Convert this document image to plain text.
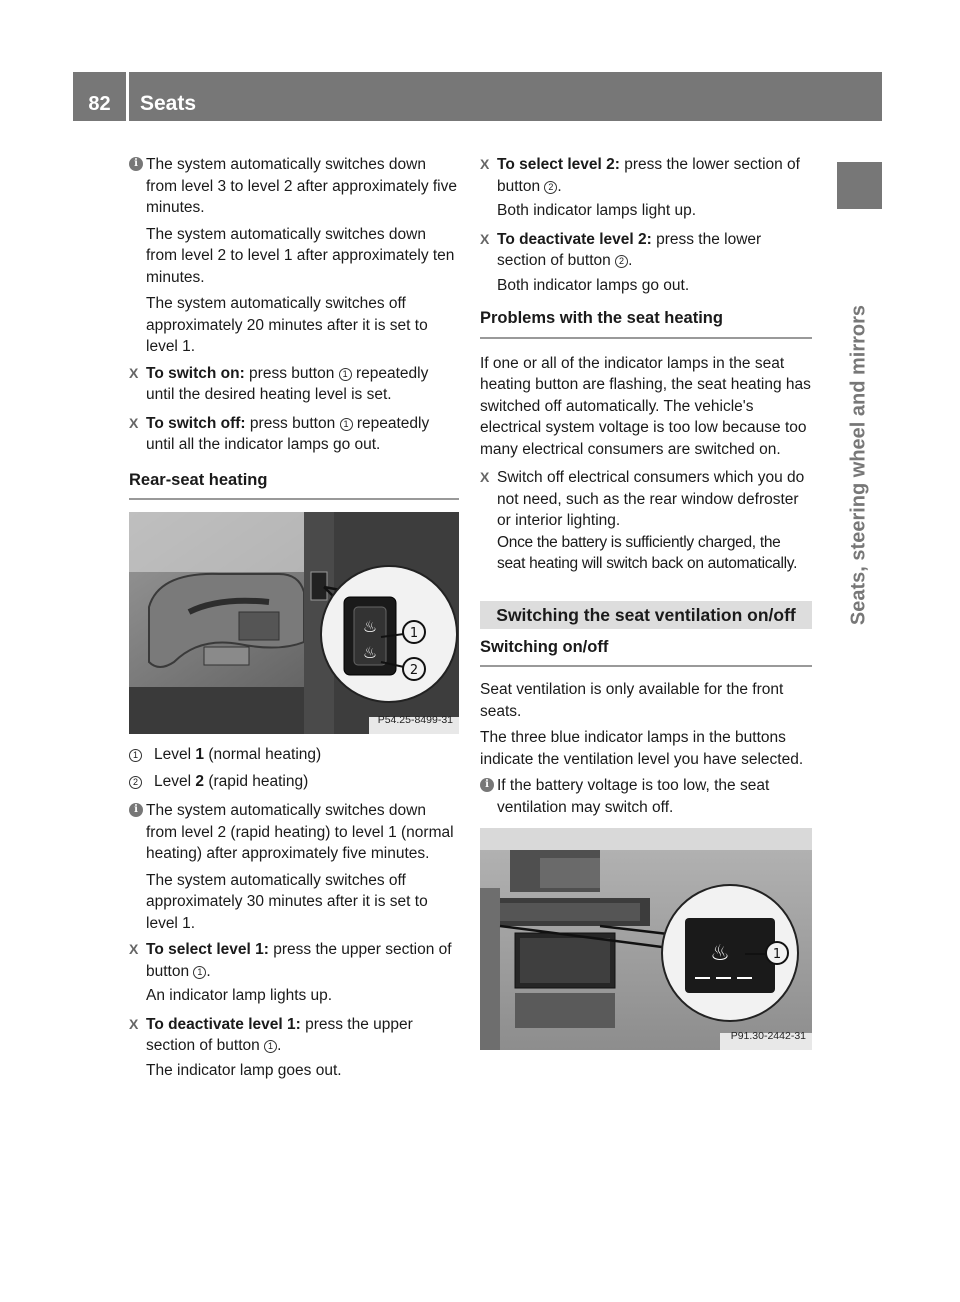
82	Seats
Seats, steering wheel and mirrors
i The system automatically switches down from level 3 to level 2 after approximately five minutes.

The system automatically switches down from level 2 to level 1 after approximately ten minutes.

The system automatically switches off approximately 20 minutes after it is set to level 1.

X To switch on: press button 1 repeatedly until the desired heating level is set.

X To switch off: press button 1 repeatedly until all the indicator lamps go out.

Rear-seat heating
♨
♨
1
2
P54.25-8499-31
1 Level 1 (normal heating)
2 Level 2 (rapid heating)
i The system automatically switches down from level 2 (rapid heating) to level 1 (normal heating) after approximately five minutes.

The system automatically switches off approximately 30 minutes after it is set to level 1.

X To select level 1: press the upper section of button 1 .

An indicator lamp lights up.

X To deactivate level 1: press the upper section of button 1 .

The indicator lamp goes out.

X To select level 2: press the lower section of button 2 .

Both indicator lamps light up.

X To deactivate level 2: press the lower section of button 2 .

Both indicator lamps go out.

Problems with the seat heating

If one or all of the indicator lamps in the seat heating button are flashing, the seat heating has switched off automatically. The vehicle's electrical system voltage is too low because too many electrical consumers are switched on.

X Switch off electrical consumers which you do not need, such as the rear window defroster or interior lighting.

Once the battery is sufficiently charged, the seat heating will switch back on automatically.

Switching the seat ventilation on/off
Switching on/off

Seat ventilation is only available for the front seats.

The three blue indicator lamps in the buttons indicate the ventilation level you have selected.

i If the battery voltage is too low, the seat ventilation may switch off.

♨	1
P91.30-2442-31
